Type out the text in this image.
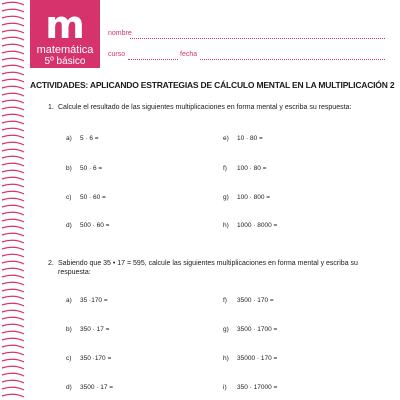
m
matemática
5º básico
nombre
curso	fecha
ACTIVIDADES: APLICANDO ESTRATEGIAS DE CÁLCULO MENTAL EN LA MULTIPLICACIÓN 2
1. Calcule el resultado de las siguientes multiplicaciones en forma mental y escriba su respuesta:
a) 5 · 6 =
b) 50 · 6 =
c) 50 · 60 =
d) 500 · 60 =
e) 10 · 80 =
f) 100 · 80 =
g) 100 · 800 =
h) 1000 · 8000 =
2. Sabiendo que 35 • 17 = 595, calcule las siguientes multiplicaciones en forma mental y escriba su respuesta:
a) 35 ·170 =
b) 350 · 17 =
c) 350 ·170 =
d) 3500 · 17 =
f) 3500 · 170 =
g) 3500 · 1700 =
h) 35000 · 170 =
i) 350 · 17000 =
